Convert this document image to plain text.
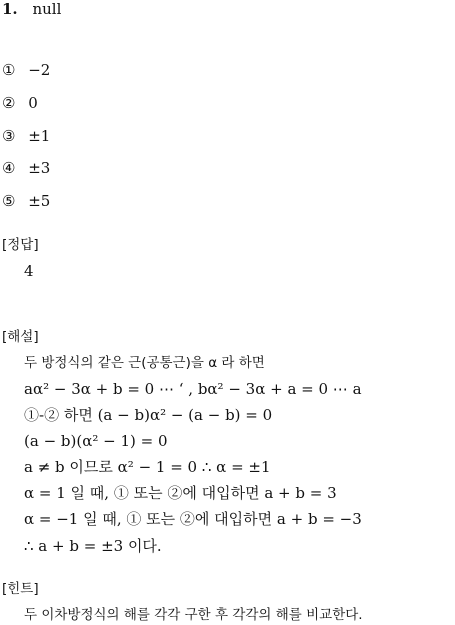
1. null
① −2
② 0
③ ±1
④ ±3
⑤ ±5
[정답]
4
[해설]
두 방정식의 같은 근(공통근)을 α 라 하면
aα² − 3α + b = 0 ⋯ ‘ , bα² − 3α + a = 0 ⋯ a
①-② 하면 (a − b)α² − (a − b) = 0
(a − b)(α² − 1) = 0
a ≠ b 이므로 α² − 1 = 0 ∴ α = ±1
α = 1 일 때, ① 또는 ②에 대입하면 a + b = 3
α = −1 일 때, ① 또는 ②에 대입하면 a + b = −3
∴ a + b = ±3 이다.
[힌트]
두 이차방정식의 해를 각각 구한 후 각각의 해를 비교한다.
